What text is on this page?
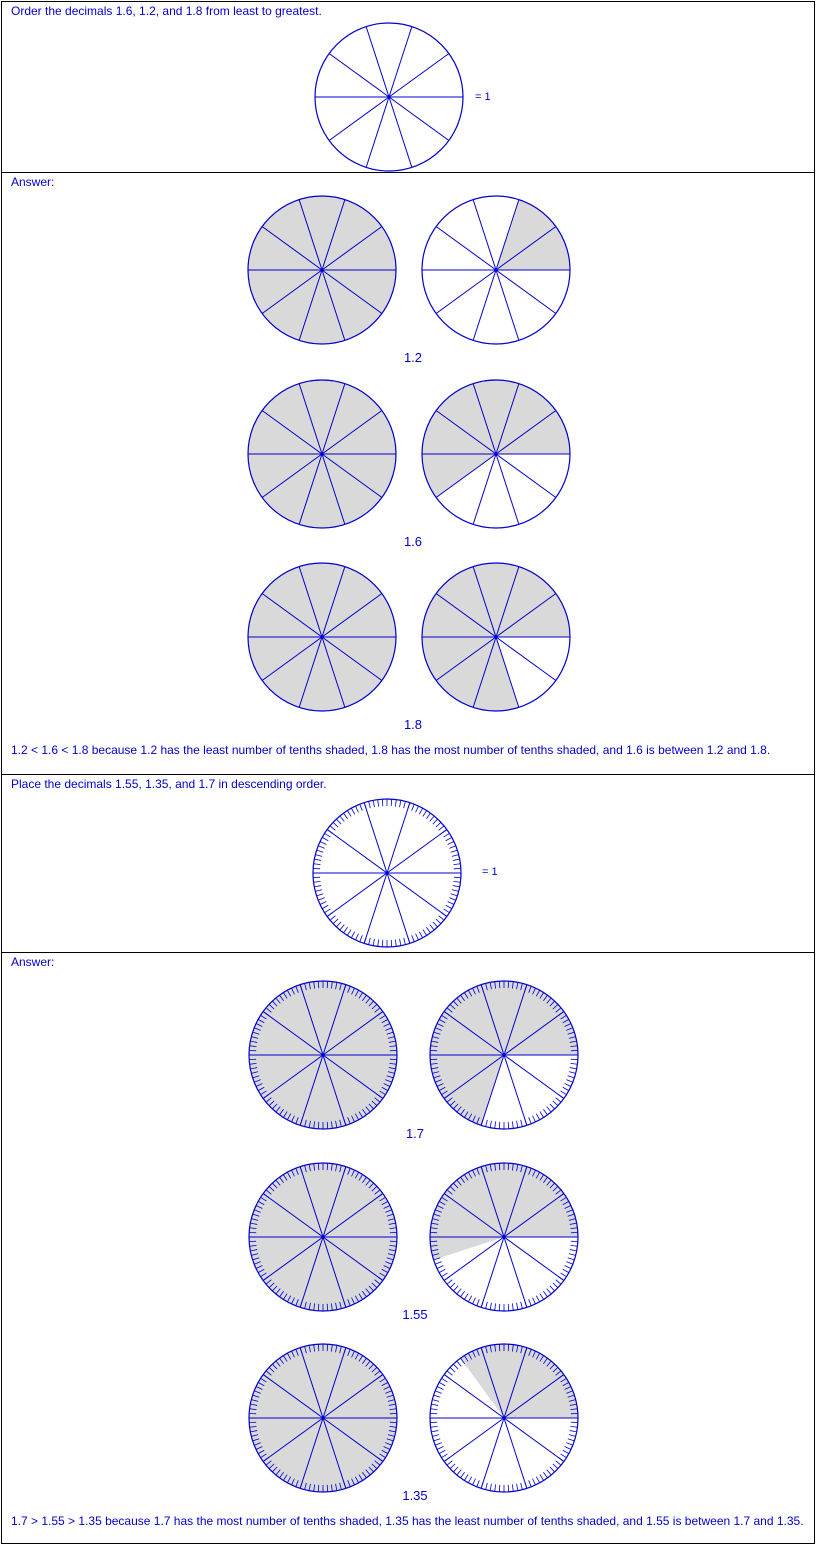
Order the decimals 1.6, 1.2, and 1.8 from least to greatest.
= 1
Answer:
1.2
1.6
1.8
1.2 < 1.6 < 1.8 because 1.2 has the least number of tenths shaded, 1.8 has the most number of tenths shaded, and 1.6 is between 1.2 and 1.8.
Place the decimals 1.55, 1.35, and 1.7 in descending order.
= 1
Answer:
1.7
1.55
1.35
1.7 > 1.55 > 1.35 because 1.7 has the most number of tenths shaded, 1.35 has the least number of tenths shaded, and 1.55 is between 1.7 and 1.35.
